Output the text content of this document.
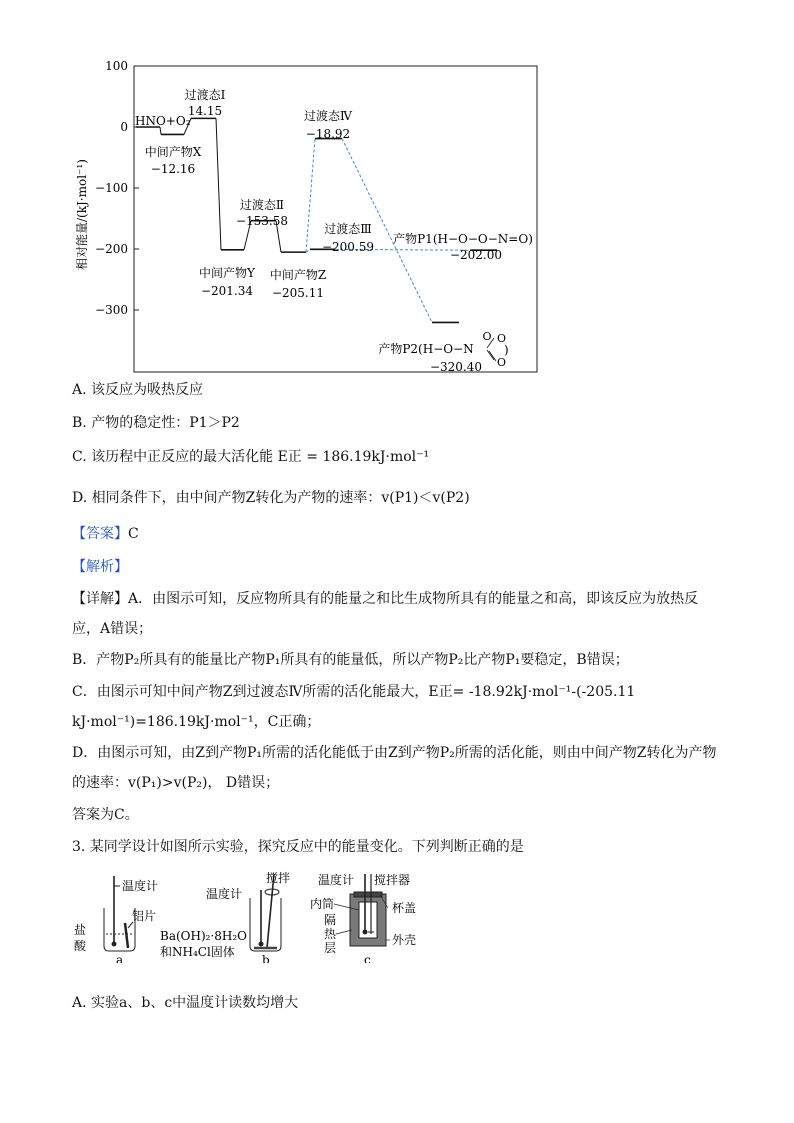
100
0
−100
−200
−300
相对能量/(kJ·mol⁻¹)
HNO+O₂
中间产物X
−12.16
过渡态Ⅰ
14.15
中间产物Y
−201.34
过渡态Ⅱ
−153.58
中间产物Z
−205.11
过渡态Ⅲ
−200.59
产物P1(H−O−O−N=O)
−202.00
过渡态Ⅳ
−18.92
产物P2(H−O−N
−320.40
O O
O
)
A. 该反应为吸热反应
B. 产物的稳定性：P1＞P2
C. 该历程中正反应的最大活化能 E正 = 186.19kJ·mol⁻¹
D. 相同条件下，由中间产物Z转化为产物的速率：v(P1)＜v(P2)
【答案】C
【解析】
【详解】A．由图示可知，反应物所具有的能量之和比生成物所具有的能量之和高，即该反应为放热反应，A错误；
B．产物P₂所具有的能量比产物P₁所具有的能量低，所以产物P₂比产物P₁要稳定，B错误；
C．由图示可知中间产物Z到过渡态Ⅳ所需的活化能最大，E正= -18.92kJ·mol⁻¹-(-205.11
kJ·mol⁻¹)=186.19kJ·mol⁻¹，C正确；
D．由图示可知，由Z到产物P₁所需的活化能低于由Z到产物P₂所需的活化能，则由中间产物Z转化为产物的速率：v(P₁)>v(P₂)， D错误；
答案为C。
3. 某同学设计如图所示实验，探究反应中的能量变化。下列判断正确的是
温度计
铝片
盐
酸
a
温度计
搅拌
Ba(OH)₂·8H₂O
和NH₄Cl固体
b
温度计 搅拌器
内筒	杯盖
隔
热
层
外壳
c
A. 实验a、b、c中温度计读数均增大
